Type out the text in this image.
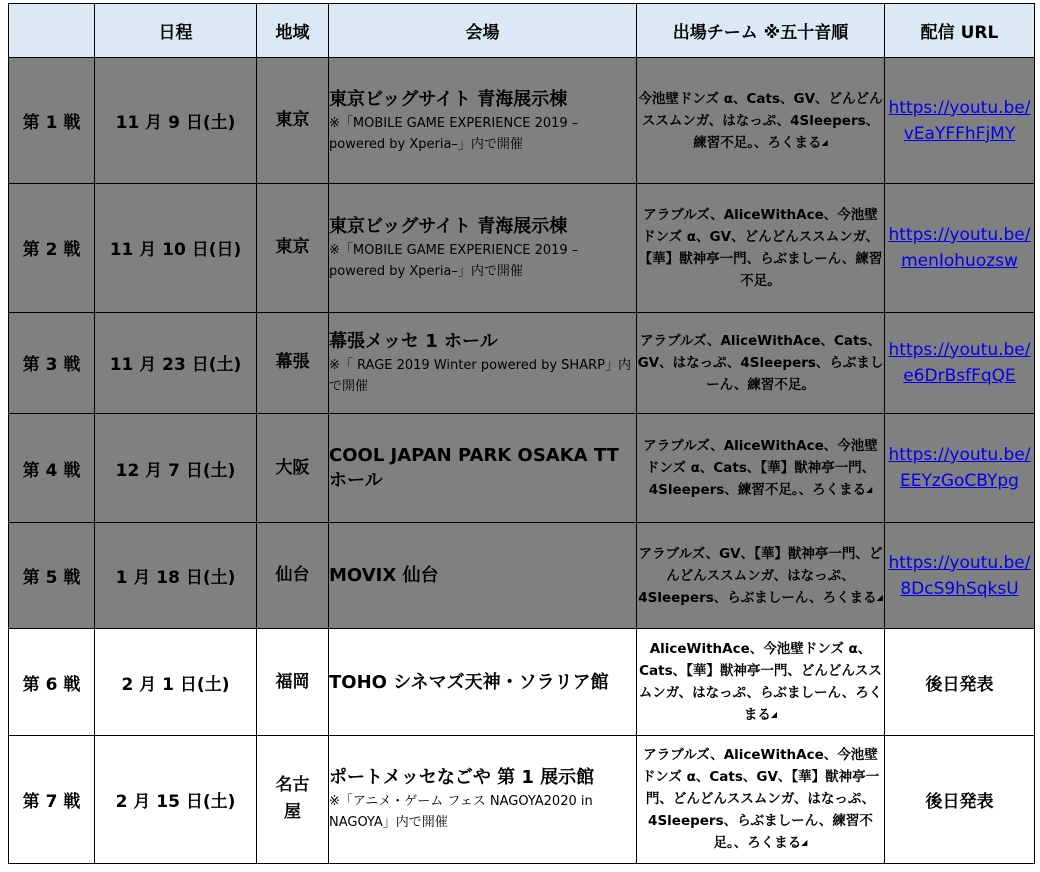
	日程	地域	会場	出場チーム ※五十音順	配信 URL
第 1 戦	11 月 9 日(土)	東京	東京ビッグサイト 青海展示棟
※「MOBILE GAME EXPERIENCE 2019 – powered by Xperia–」内で開催	今池壁ドンズ α、Cats、GV、どんどんススムンガ、はなっぷ、4Sleepers、練習不足。、ろくまる◢	https://youtu.be/vEaYFFhFjMY

第 2 戦	11 月 10 日(日)	東京	東京ビッグサイト 青海展示棟
※「MOBILE GAME EXPERIENCE 2019 – powered by Xperia–」内で開催	アラブルズ、AliceWithAce、今池壁ドンズ α、GV、どんどんススムンガ、【華】獣神亭一門、らぶましーん、練習不足。	https://youtu.be/menIohuozsw

第 3 戦	11 月 23 日(土)	幕張	幕張メッセ 1 ホール
※「 RAGE 2019 Winter powered by SHARP」内で開催	アラブルズ、AliceWithAce、Cats、GV、はなっぷ、4Sleepers、らぶましーん、練習不足。	https://youtu.be/e6DrBsfFqQE

第 4 戦	12 月 7 日(土)	大阪	COOL JAPAN PARK OSAKA TT ホール	アラブルズ、AliceWithAce、今池壁ドンズ α、Cats、【華】獣神亭一門、4Sleepers、練習不足。、ろくまる◢	https://youtu.be/EEYzGoCBYpg

第 5 戦	1 月 18 日(土)	仙台	MOVIX 仙台	アラブルズ、GV、【華】獣神亭一門、どんどんススムンガ、はなっぷ、4Sleepers、らぶましーん、ろくまる◢	https://youtu.be/8DcS9hSqksU

第 6 戦	2 月 1 日(土)	福岡	TOHO シネマズ天神・ソラリア館	AliceWithAce、今池壁ドンズ α、Cats、【華】獣神亭一門、どんどんススムンガ、はなっぷ、らぶましーん、ろくまる◢	後日発表
第 7 戦	2 月 15 日(土)	名古屋	ポートメッセなごや 第 1 展示館
※「アニメ・ゲーム フェス NAGOYA2020 in NAGOYA」内で開催	アラブルズ、AliceWithAce、今池壁ドンズ α、Cats、GV、【華】獣神亭一門、どんどんススムンガ、はなっぷ、4Sleepers、らぶましーん、練習不足。、ろくまる◢	後日発表
